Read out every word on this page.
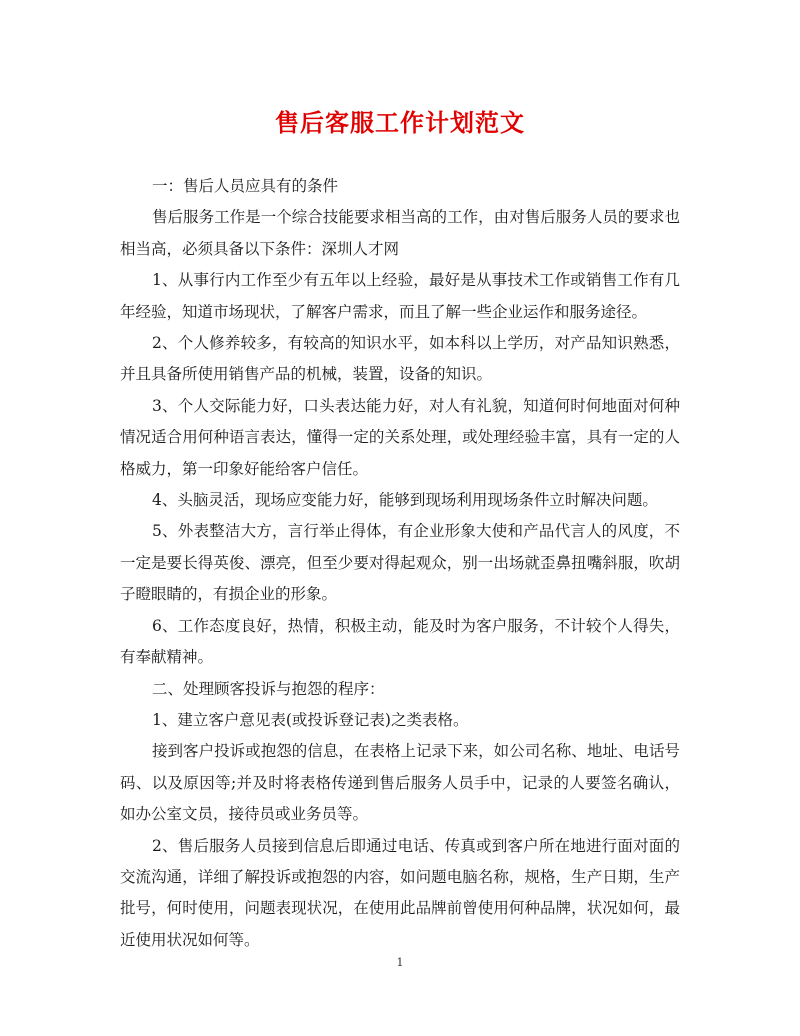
售后客服工作计划范文

一：售后人员应具有的条件

售后服务工作是一个综合技能要求相当高的工作，由对售后服务人员的要求也相当高，必须具备以下条件：深圳人才网

1、从事行内工作至少有五年以上经验，最好是从事技术工作或销售工作有几年经验，知道市场现状，了解客户需求，而且了解一些企业运作和服务途径。

2、个人修养较多，有较高的知识水平，如本科以上学历，对产品知识熟悉，并且具备所使用销售产品的机械，装置，设备的知识。

3、个人交际能力好，口头表达能力好，对人有礼貌，知道何时何地面对何种情况适合用何种语言表达，懂得一定的关系处理，或处理经验丰富，具有一定的人格威力，第一印象好能给客户信任。

4、头脑灵活，现场应变能力好，能够到现场利用现场条件立时解决问题。

5、外表整洁大方，言行举止得体，有企业形象大使和产品代言人的风度，不一定是要长得英俊、漂亮，但至少要对得起观众，别一出场就歪鼻扭嘴斜服，吹胡子瞪眼睛的，有损企业的形象。

6、工作态度良好，热情，积极主动，能及时为客户服务，不计较个人得失，有奉献精神。

二、处理顾客投诉与抱怨的程序：

1、建立客户意见表(或投诉登记表)之类表格。

接到客户投诉或抱怨的信息，在表格上记录下来，如公司名称、地址、电话号码、以及原因等;并及时将表格传递到售后服务人员手中，记录的人要签名确认，如办公室文员，接待员或业务员等。

2、售后服务人员接到信息后即通过电话、传真或到客户所在地进行面对面的交流沟通，详细了解投诉或抱怨的内容，如问题电脑名称，规格，生产日期，生产批号，何时使用，问题表现状况，在使用此品牌前曾使用何种品牌，状况如何，最近使用状况如何等。

1
